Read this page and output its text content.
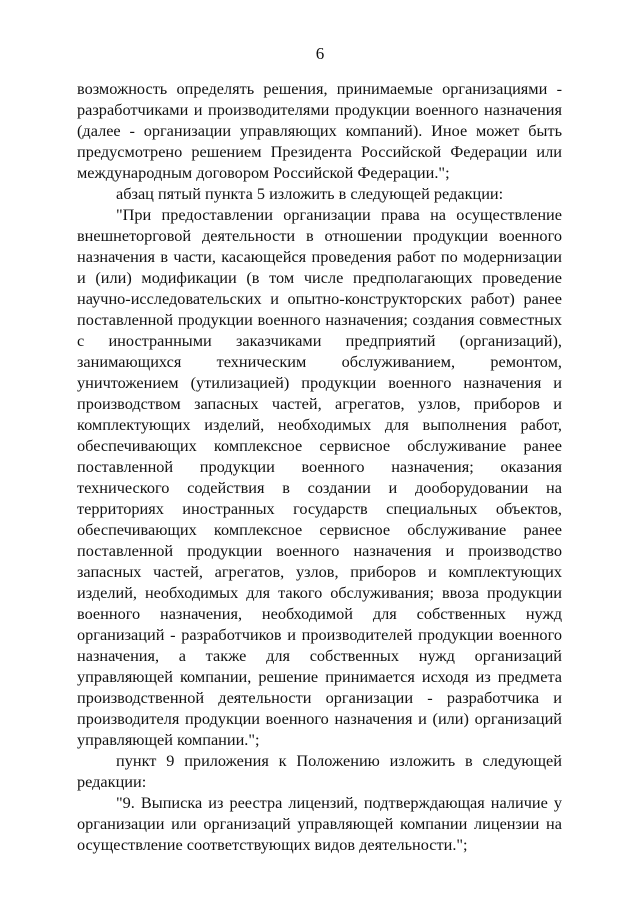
6

возможность определять решения, принимаемые организациями - разработчиками и производителями продукции военного назначения (далее - организации управляющих компаний). Иное может быть предусмотрено решением Президента Российской Федерации или международным договором Российской Федерации.";

абзац пятый пункта 5 изложить в следующей редакции:

"При предоставлении организации права на осуществление внешнеторговой деятельности в отношении продукции военного назначения в части, касающейся проведения работ по модернизации и (или) модификации (в том числе предполагающих проведение научно-исследовательских и опытно-конструкторских работ) ранее поставленной продукции военного назначения; создания совместных с иностранными заказчиками предприятий (организаций), занимающихся техническим обслуживанием, ремонтом, уничтожением (утилизацией) продукции военного назначения и производством запасных частей, агрегатов, узлов, приборов и комплектующих изделий, необходимых для выполнения работ, обеспечивающих комплексное сервисное обслуживание ранее поставленной продукции военного назначения; оказания технического содействия в создании и дооборудовании на территориях иностранных государств специальных объектов, обеспечивающих комплексное сервисное обслуживание ранее поставленной продукции военного назначения и производство запасных частей, агрегатов, узлов, приборов и комплектующих изделий, необходимых для такого обслуживания; ввоза продукции военного назначения, необходимой для собственных нужд организаций - разработчиков и производителей продукции военного назначения, а также для собственных нужд организаций управляющей компании, решение принимается исходя из предмета производственной деятельности организации - разработчика и производителя продукции военного назначения и (или) организаций управляющей компании.";

пункт 9 приложения к Положению изложить в следующей редакции:

"9. Выписка из реестра лицензий, подтверждающая наличие у организации или организаций управляющей компании лицензии на осуществление соответствующих видов деятельности.";
